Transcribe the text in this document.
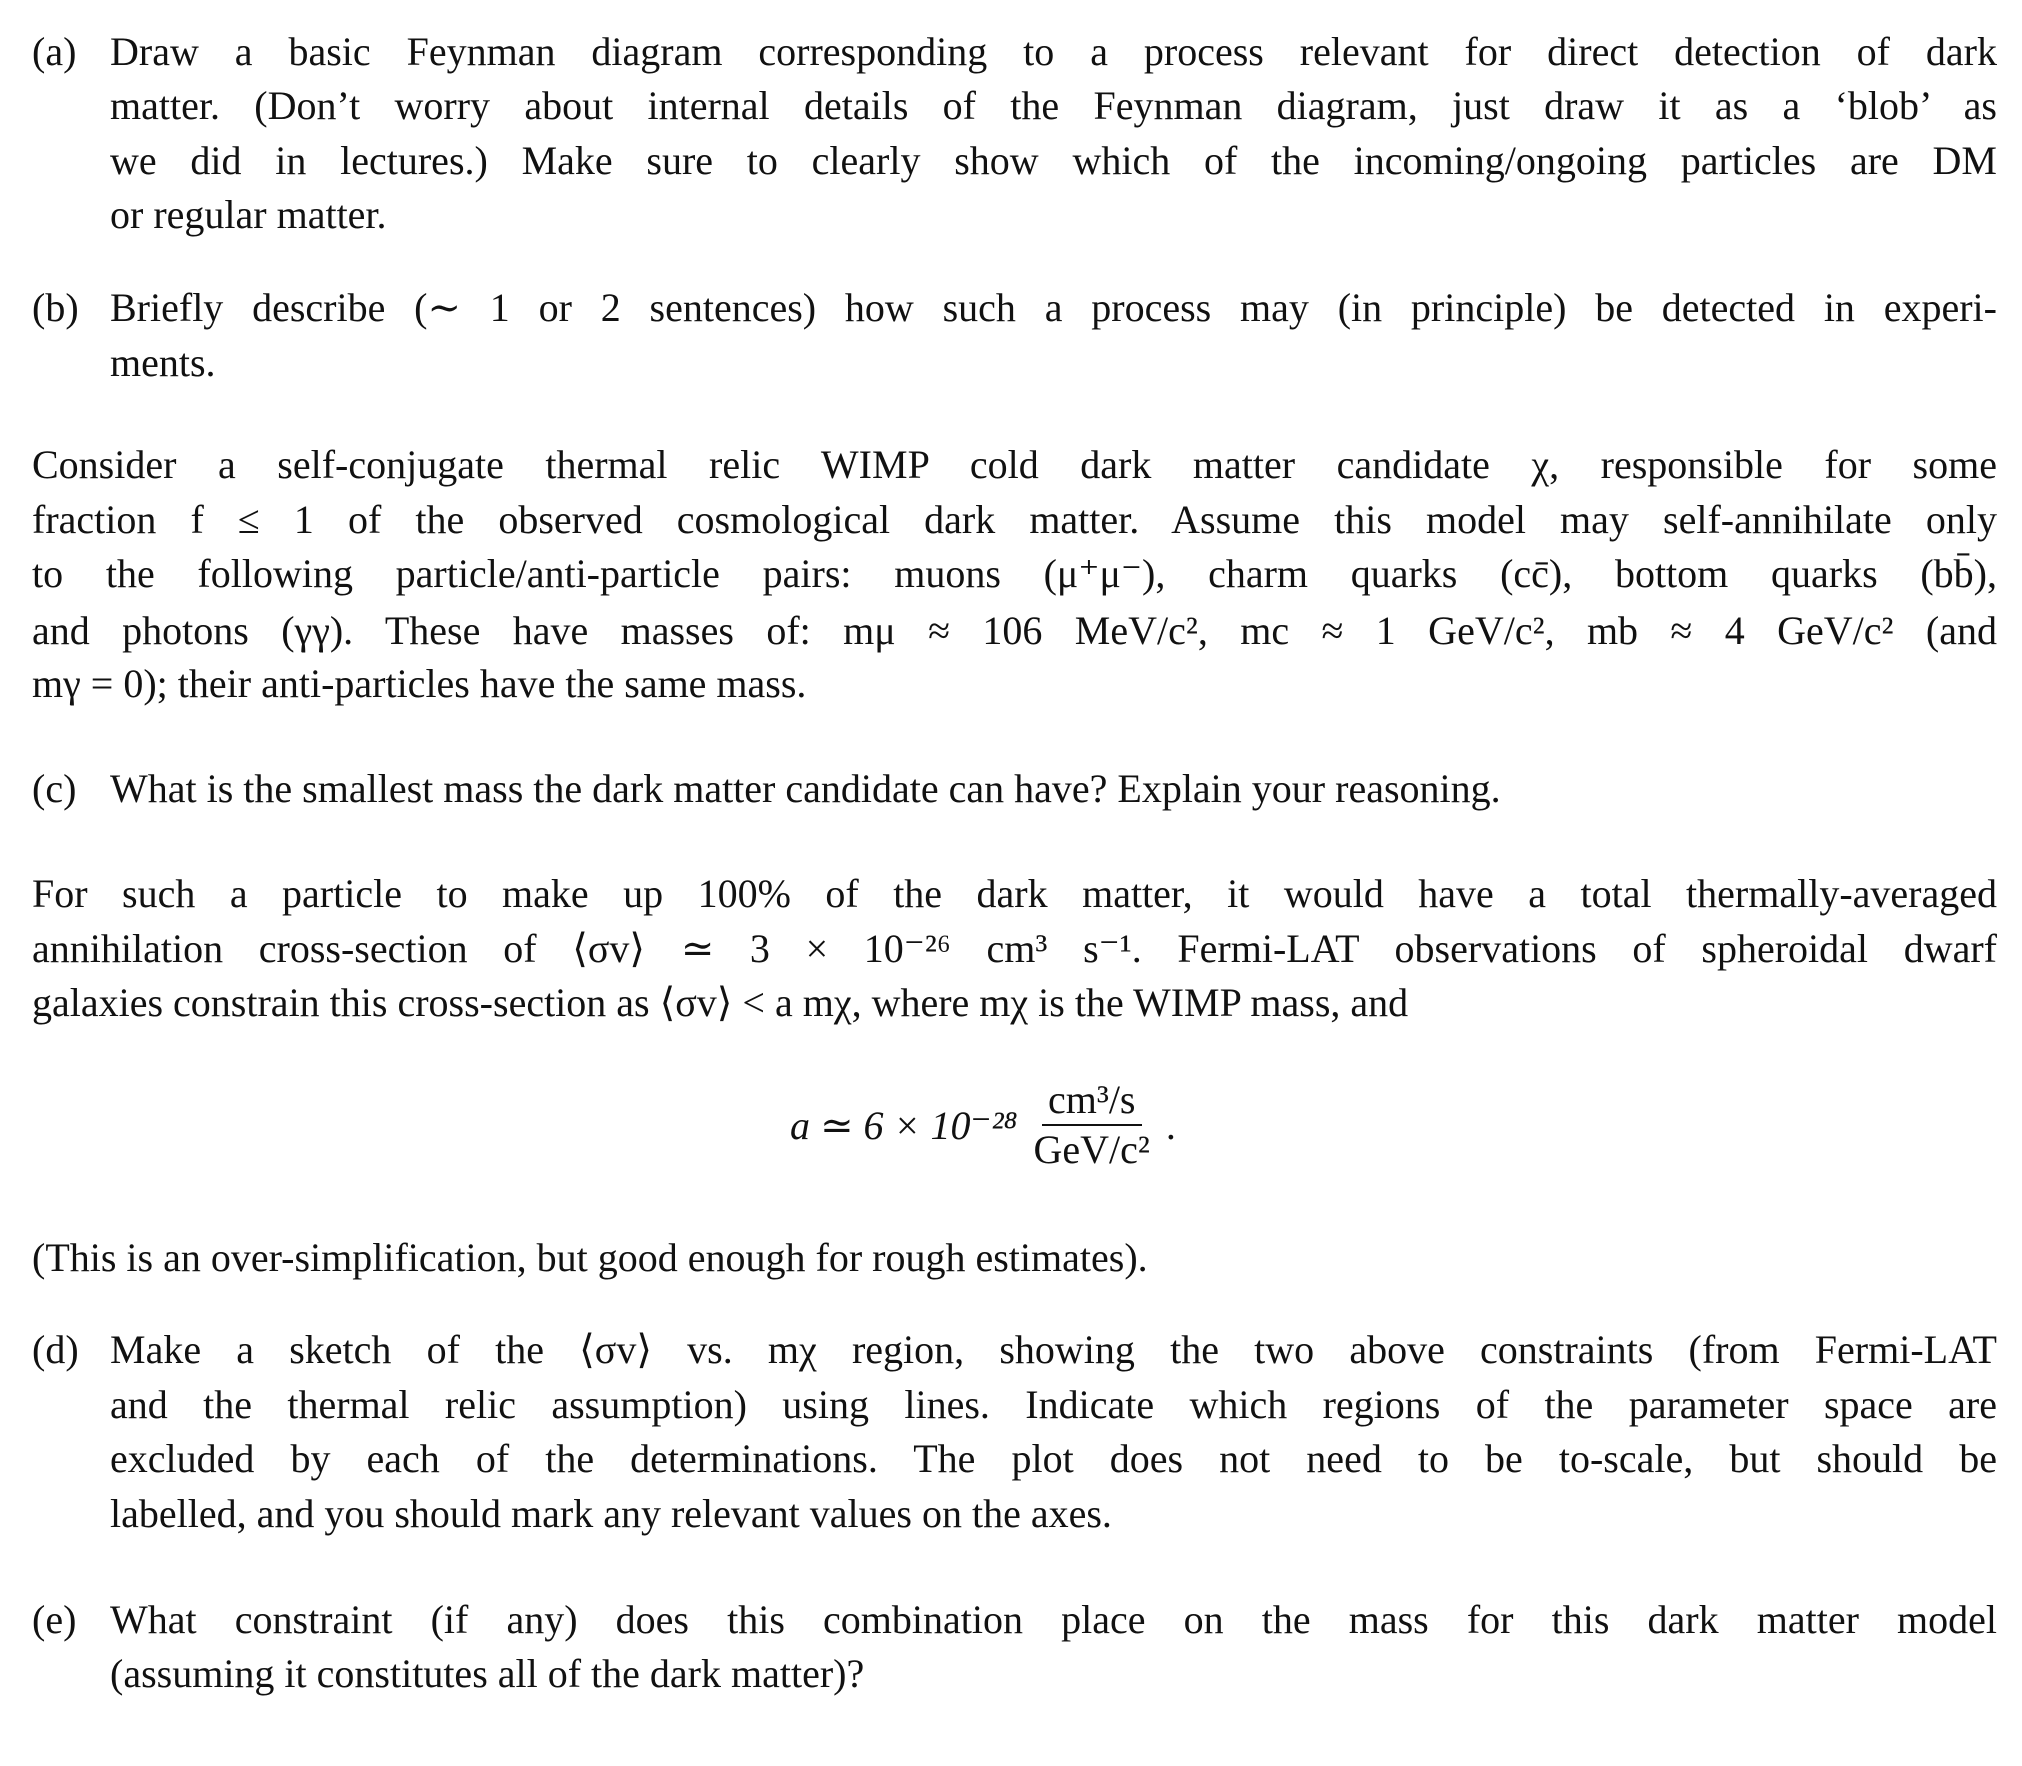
(a) Draw a basic Feynman diagram corresponding to a process relevant for direct detection of dark
matter. (Don’t worry about internal details of the Feynman diagram, just draw it as a ‘blob’ as
we did in lectures.) Make sure to clearly show which of the incoming/ongoing particles are DM
or regular matter.
(b) Briefly describe (∼ 1 or 2 sentences) how such a process may (in principle) be detected in experi-
ments.
Consider a self-conjugate thermal relic WIMP cold dark matter candidate χ, responsible for some
fraction f ≤ 1 of the observed cosmological dark matter. Assume this model may self-annihilate only
to the following particle/anti-particle pairs: muons (μ⁺μ⁻), charm quarks (cc̄), bottom quarks (bb̄),
and photons (γγ). These have masses of: mμ ≈ 106 MeV/c², mc ≈ 1 GeV/c², mb ≈ 4 GeV/c² (and
mγ = 0); their anti-particles have the same mass.
(c) What is the smallest mass the dark matter candidate can have? Explain your reasoning.
For such a particle to make up 100% of the dark matter, it would have a total thermally-averaged
annihilation cross-section of ⟨σv⟩ ≃ 3 × 10⁻²⁶ cm³ s⁻¹. Fermi-LAT observations of spheroidal dwarf
galaxies constrain this cross-section as ⟨σv⟩ < a mχ, where mχ is the WIMP mass, and
a ≃ $6 \times 10^{-28} \frac{\text{cm³/s}}{\text{GeV/c²}}$ .
(This is an over-simplification, but good enough for rough estimates).
(d) Make a sketch of the ⟨σv⟩ vs. mχ region, showing the two above constraints (from Fermi-LAT
and the thermal relic assumption) using lines. Indicate which regions of the parameter space are
excluded by each of the determinations. The plot does not need to be to-scale, but should be
labelled, and you should mark any relevant values on the axes.
(e) What constraint (if any) does this combination place on the mass for this dark matter model
(assuming it constitutes all of the dark matter)?
